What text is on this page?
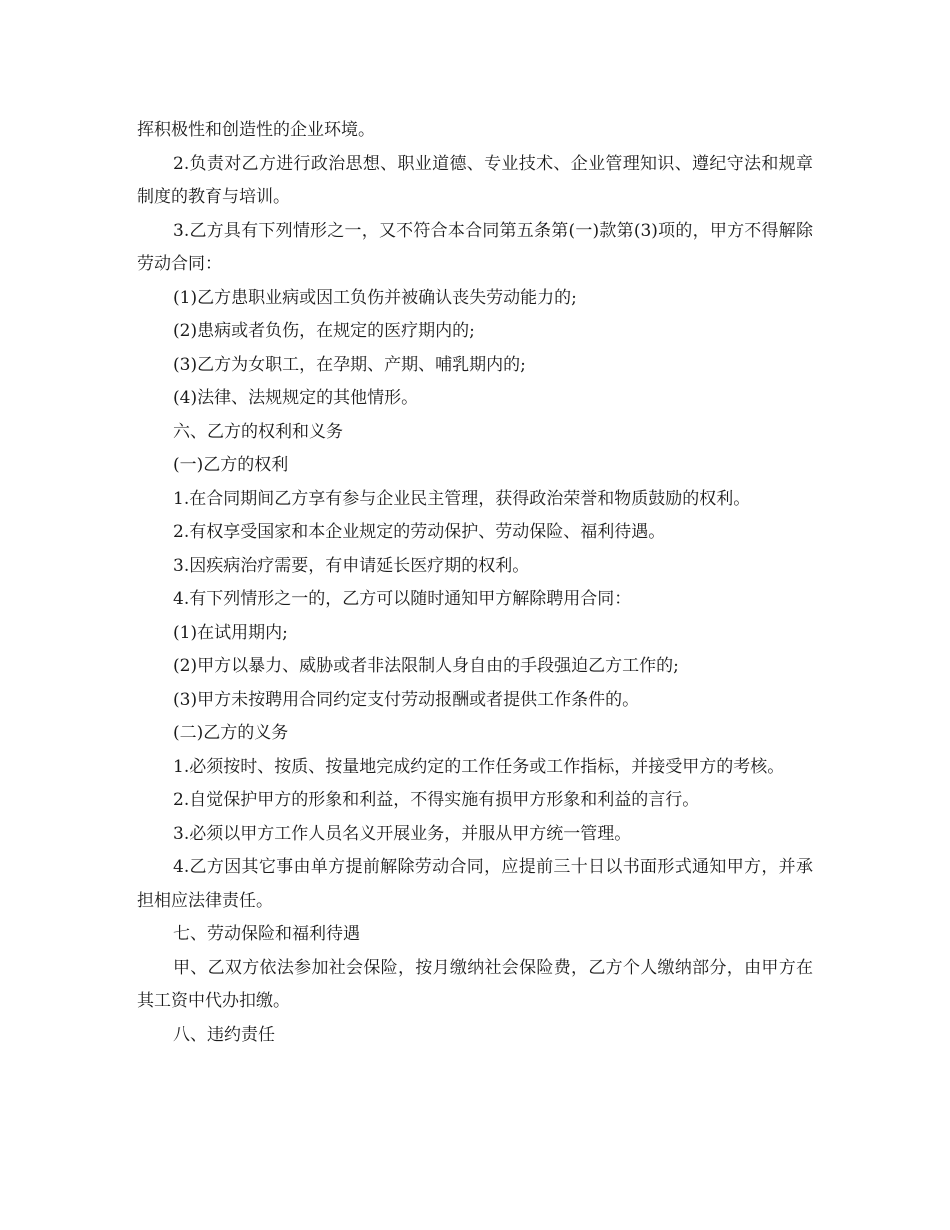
挥积极性和创造性的企业环境。

2.负责对乙方进行政治思想、职业道德、专业技术、企业管理知识、遵纪守法和规章制度的教育与培训。

3.乙方具有下列情形之一，又不符合本合同第五条第(一)款第(3)项的，甲方不得解除劳动合同：

(1)乙方患职业病或因工负伤并被确认丧失劳动能力的;

(2)患病或者负伤，在规定的医疗期内的;

(3)乙方为女职工，在孕期、产期、哺乳期内的;

(4)法律、法规规定的其他情形。

六、乙方的权利和义务

(一)乙方的权利

1.在合同期间乙方享有参与企业民主管理，获得政治荣誉和物质鼓励的权利。

2.有权享受国家和本企业规定的劳动保护、劳动保险、福利待遇。

3.因疾病治疗需要，有申请延长医疗期的权利。

4.有下列情形之一的，乙方可以随时通知甲方解除聘用合同：

(1)在试用期内;

(2)甲方以暴力、威胁或者非法限制人身自由的手段强迫乙方工作的;

(3)甲方未按聘用合同约定支付劳动报酬或者提供工作条件的。

(二)乙方的义务

1.必须按时、按质、按量地完成约定的工作任务或工作指标，并接受甲方的考核。

2.自觉保护甲方的形象和利益，不得实施有损甲方形象和利益的言行。

3.必须以甲方工作人员名义开展业务，并服从甲方统一管理。

4.乙方因其它事由单方提前解除劳动合同，应提前三十日以书面形式通知甲方，并承担相应法律责任。

七、劳动保险和福利待遇

甲、乙双方依法参加社会保险，按月缴纳社会保险费，乙方个人缴纳部分，由甲方在其工资中代办扣缴。

八、违约责任
